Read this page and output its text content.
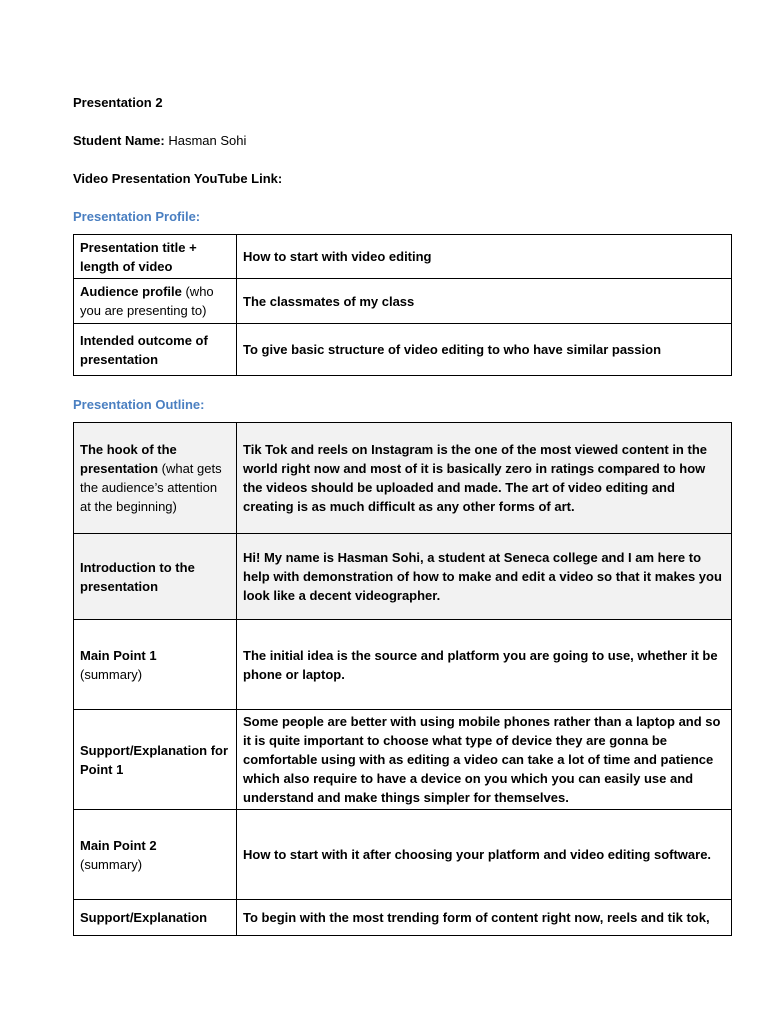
Presentation 2

Student Name: Hasman Sohi

Video Presentation YouTube Link:

Presentation Profile:

Presentation title + length of video	How to start with video editing
Audience profile (who you are presenting to)	The classmates of my class
Intended outcome of presentation	To give basic structure of video editing to who have similar passion

Presentation Outline:

The hook of the presentation (what gets the audience’s attention at the beginning)	Tik Tok and reels on Instagram is the one of the most viewed content in the world right now and most of it is basically zero in ratings compared to how the videos should be uploaded and made. The art of video editing and creating is as much difficult as any other forms of art.
Introduction to the presentation	Hi! My name is Hasman Sohi, a student at Seneca college and I am here to help with demonstration of how to make and edit a video so that it makes you look like a decent videographer.
Main Point 1
(summary)	The initial idea is the source and platform you are going to use, whether it be phone or laptop.
Support/Explanation for Point 1	Some people are better with using mobile phones rather than a laptop and so it is quite important to choose what type of device they are gonna be comfortable using with as editing a video can take a lot of time and patience which also require to have a device on you which you can easily use and understand and make things simpler for themselves.
Main Point 2
(summary)	How to start with it after choosing your platform and video editing software.
Support/Explanation	To begin with the most trending form of content right now, reels and tik tok,
